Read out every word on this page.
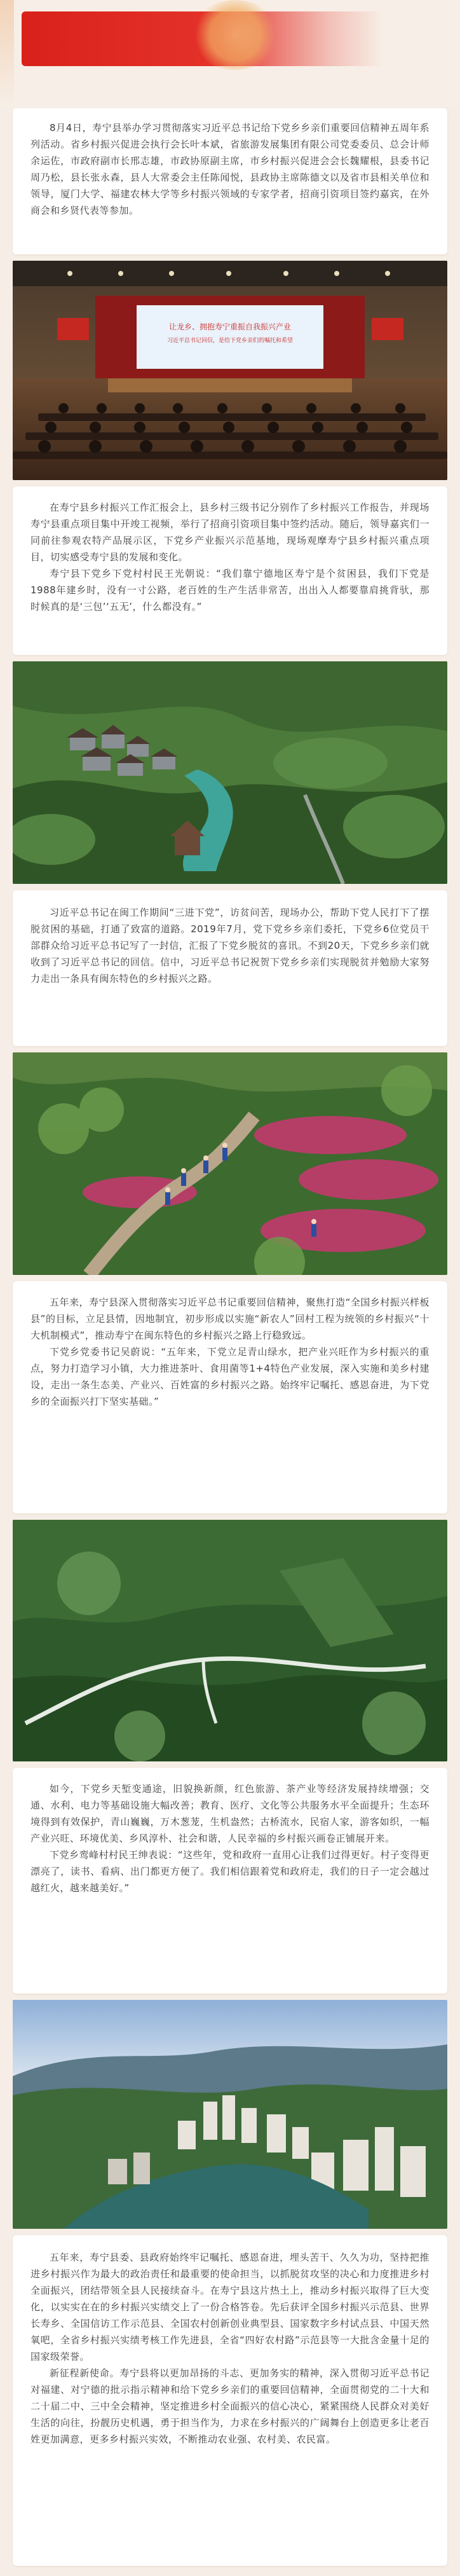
8月4日，寿宁县举办学习贯彻落实习近平总书记给下党乡乡亲们重要回信精神五周年系列活动。省乡村振兴促进会执行会长叶本斌，省旅游发展集团有限公司党委委员、总会计师余运佐，市政府副市长邢志雄，市政协原副主席，市乡村振兴促进会会长魏耀根，县委书记周乃松，县长张永森，县人大常委会主任陈闻悦，县政协主席陈德文以及省市县相关单位和领导，厦门大学、福建农林大学等乡村振兴领域的专家学者，招商引资项目签约嘉宾，在外商会和乡贤代表等参加。

让龙乡、拥抱寿宁重振自我振兴产业
习近平总书记回信，是给下党乡亲们的嘱托和希望

在寿宁县乡村振兴工作汇报会上，县乡村三级书记分别作了乡村振兴工作报告，并现场寿宁县重点项目集中开竣工视频，举行了招商引资项目集中签约活动。随后，领导嘉宾们一同前往参观农特产品展示区，下党乡产业振兴示范基地，现场观摩寿宁县乡村振兴重点项目，切实感受寿宁县的发展和变化。

寿宁县下党乡下党村村民王光朝说：“我们靠宁德地区寿宁是个贫困县，我们下党是1988年建乡时，没有一寸公路，老百姓的生产生活非常苦，出出入人都要靠肩挑背驮，那时候真的是‘三包’‘五无’，什么都没有。”

习近平总书记在闽工作期间“三进下党”，访贫问苦，现场办公，帮助下党人民打下了摆脱贫困的基础，打通了致富的道路。2019年7月，党下党乡乡亲们委托，下党乡6位党员干部群众给习近平总书记写了一封信，汇报了下党乡脱贫的喜讯。不到20天，下党乡乡亲们就收到了习近平总书记的回信。信中，习近平总书记祝贺下党乡乡亲们实现脱贫并勉励大家努力走出一条具有闽东特色的乡村振兴之路。

五年来，寿宁县深入贯彻落实习近平总书记重要回信精神，聚焦打造“全国乡村振兴样板县”的目标，立足县情，因地制宜，初步形成以实施“新农人”回村工程为统领的乡村振兴“十大机制模式”，推动寿宁在闽东特色的乡村振兴之路上行稳致远。

下党乡党委书记吴蔚说：“五年来，下党立足青山绿水，把产业兴旺作为乡村振兴的重点，努力打造学习小镇，大力推进茶叶、食用菌等1+4特色产业发展，深入实施和美乡村建设，走出一条生态美、产业兴、百姓富的乡村振兴之路。始终牢记嘱托、感恩奋进，为下党乡的全面振兴打下坚实基础。”

如今，下党乡天堑变通途，旧貌换新颜，红色旅游、茶产业等经济发展持续增强；交通、水利、电力等基础设施大幅改善；教育、医疗、文化等公共服务水平全面提升；生态环境得到有效保护，青山巍巍，万木葱茏，生机盎然；古桥流水，民宿人家，游客如织，一幅产业兴旺、环境优美、乡风淳朴、社会和谐，人民幸福的乡村振兴画卷正铺展开来。

下党乡鸾峰村村民王绅表说：“这些年，党和政府一直用心让我们过得更好。村子变得更漂亮了，读书、看病、出门都更方便了。我们相信跟着党和政府走，我们的日子一定会越过越红火，越来越美好。”

五年来，寿宁县委、县政府始终牢记嘱托、感恩奋进，埋头苦干、久久为功，坚持把推进乡村振兴作为最大的政治责任和最重要的使命担当，以抓脱贫攻坚的决心和力度推进乡村全面振兴，团结带领全县人民接续奋斗。在寿宁县这片热土上，推动乡村振兴取得了巨大变化，以实实在在的乡村振兴实绩交上了一份合格答卷。先后获评全国乡村振兴示范县、世界长寿乡、全国信访工作示范县、全国农村创新创业典型县、国家数字乡村试点县、中国天然氧吧，全省乡村振兴实绩考核工作先进县，全省“四好农村路”示范县等一大批含金量十足的国家级荣誉。

新征程新使命。寿宁县将以更加昂扬的斗志、更加务实的精神，深入贯彻习近平总书记对福建、对宁德的批示指示精神和给下党乡乡亲们的重要回信精神，全面贯彻党的二十大和二十届二中、三中全会精神，坚定推进乡村全面振兴的信心决心，紧紧围绕人民群众对美好生活的向往，扮靓历史机遇，勇于担当作为，力求在乡村振兴的广阔舞台上创造更多让老百姓更加满意，更多乡村振兴实效，不断推动农业强、农村美、农民富。
